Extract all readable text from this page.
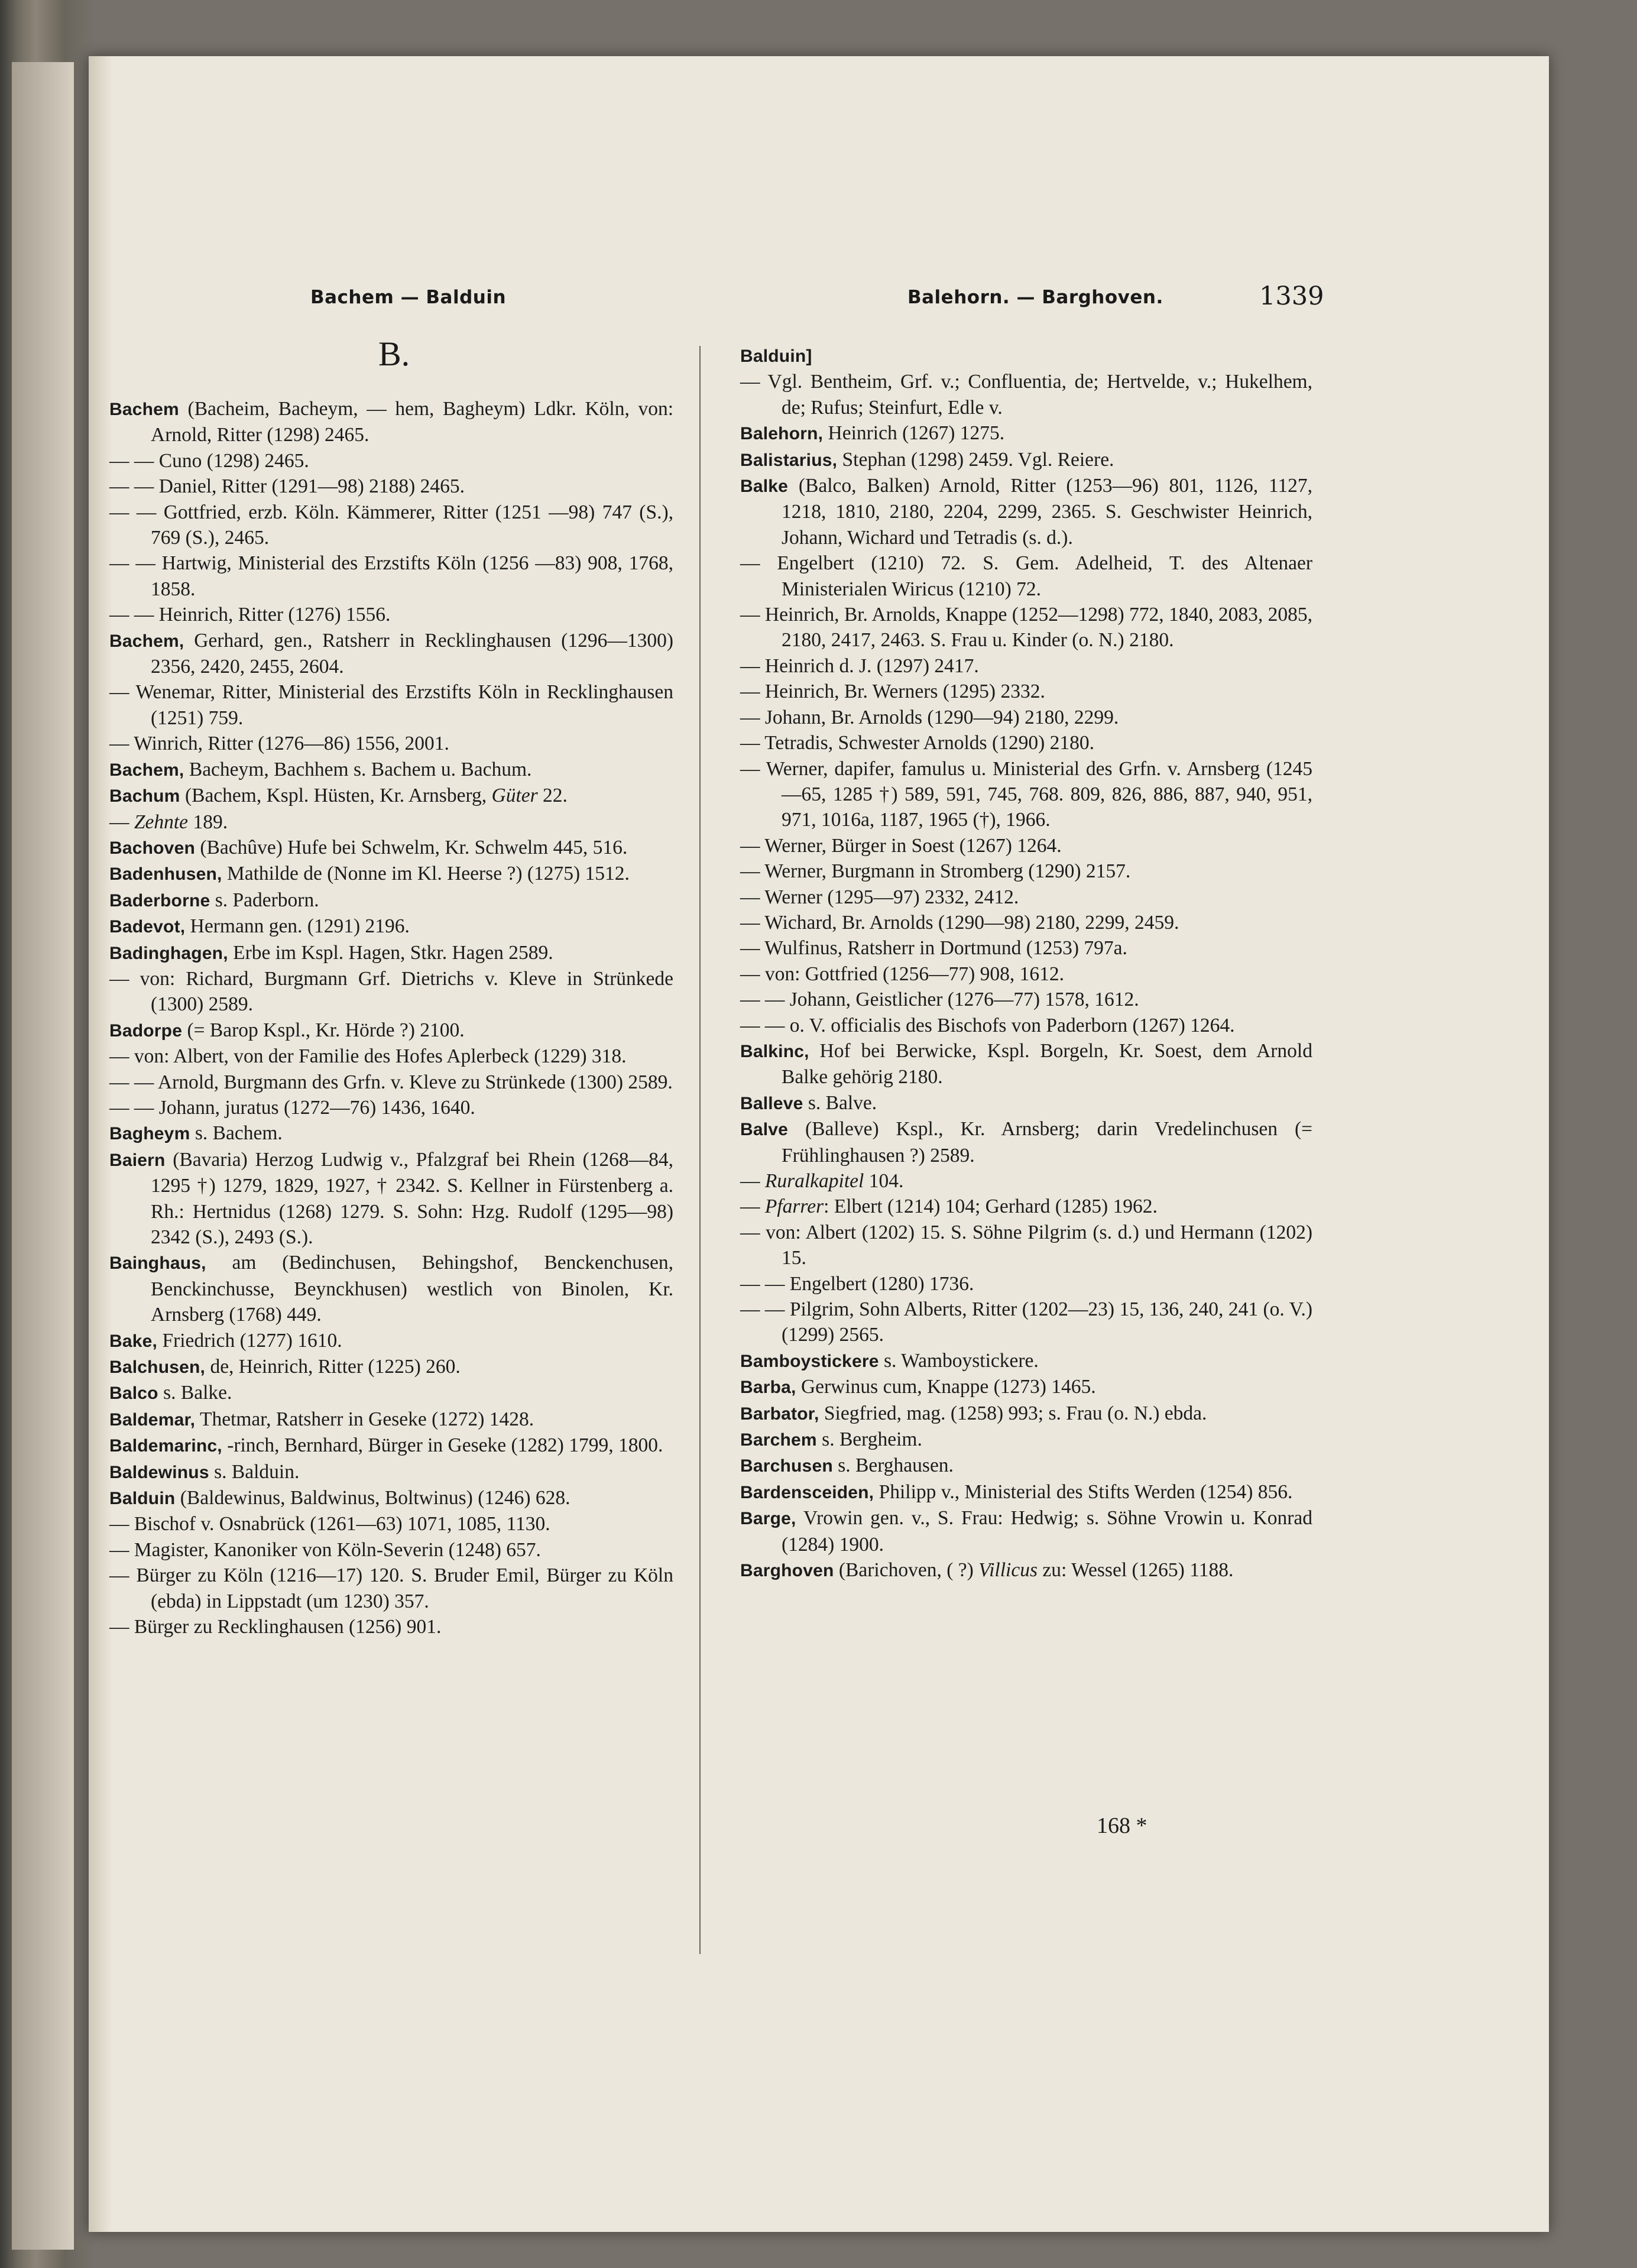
Bachem — Balduin	Balehorn. — Barghoven.	1339
B.
Bachem (Bacheim, Bacheym, — hem, Bagheym) Ldkr. Köln, von: Arnold, Ritter (1298) 2465.
— — Cuno (1298) 2465.
— — Daniel, Ritter (1291—98) 2188) 2465.
— — Gottfried, erzb. Köln. Kämmerer, Ritter (1251 —98) 747 (S.), 769 (S.), 2465.
— — Hartwig, Ministerial des Erzstifts Köln (1256 —83) 908, 1768, 1858.
— — Heinrich, Ritter (1276) 1556.
Bachem, Gerhard, gen., Ratsherr in Recklinghausen (1296—1300) 2356, 2420, 2455, 2604.
— Wenemar, Ritter, Ministerial des Erzstifts Köln in Recklinghausen (1251) 759.
— Winrich, Ritter (1276—86) 1556, 2001.
Bachem, Bacheym, Bachhem s. Bachem u. Bachum.
Bachum (Bachem, Kspl. Hüsten, Kr. Arnsberg, Güter 22.
— Zehnte 189.
Bachoven (Bachûve) Hufe bei Schwelm, Kr. Schwelm 445, 516.
Badenhusen, Mathilde de (Nonne im Kl. Heerse ?) (1275) 1512.
Baderborne s. Paderborn.
Badevot, Hermann gen. (1291) 2196.
Badinghagen, Erbe im Kspl. Hagen, Stkr. Hagen 2589.
— von: Richard, Burgmann Grf. Dietrichs v. Kleve in Strünkede (1300) 2589.
Badorpe (= Barop Kspl., Kr. Hörde ?) 2100.
— von: Albert, von der Familie des Hofes Aplerbeck (1229) 318.
— — Arnold, Burgmann des Grfn. v. Kleve zu Strünkede (1300) 2589.
— — Johann, juratus (1272—76) 1436, 1640.
Bagheym s. Bachem.
Baiern (Bavaria) Herzog Ludwig v., Pfalzgraf bei Rhein (1268—84, 1295 †) 1279, 1829, 1927, † 2342. S. Kellner in Fürstenberg a. Rh.: Hertnidus (1268) 1279. S. Sohn: Hzg. Rudolf (1295—98) 2342 (S.), 2493 (S.).
Bainghaus, am (Bedinchusen, Behingshof, Benckenchusen, Benckinchusse, Beynckhusen) westlich von Binolen, Kr. Arnsberg (1768) 449.
Bake, Friedrich (1277) 1610.
Balchusen, de, Heinrich, Ritter (1225) 260.
Balco s. Balke.
Baldemar, Thetmar, Ratsherr in Geseke (1272) 1428.
Baldemarinc, -rinch, Bernhard, Bürger in Geseke (1282) 1799, 1800.
Baldewinus s. Balduin.
Balduin (Baldewinus, Baldwinus, Boltwinus) (1246) 628.
— Bischof v. Osnabrück (1261—63) 1071, 1085, 1130.
— Magister, Kanoniker von Köln-Severin (1248) 657.
— Bürger zu Köln (1216—17) 120. S. Bruder Emil, Bürger zu Köln (ebda) in Lippstadt (um 1230) 357.
— Bürger zu Recklinghausen (1256) 901.
Balduin]
— Vgl. Bentheim, Grf. v.; Confluentia, de; Hertvelde, v.; Hukelhem, de; Rufus; Steinfurt, Edle v.
Balehorn, Heinrich (1267) 1275.
Balistarius, Stephan (1298) 2459. Vgl. Reiere.
Balke (Balco, Balken) Arnold, Ritter (1253—96) 801, 1126, 1127, 1218, 1810, 2180, 2204, 2299, 2365. S. Geschwister Heinrich, Johann, Wichard und Tetradis (s. d.).
— Engelbert (1210) 72. S. Gem. Adelheid, T. des Altenaer Ministerialen Wiricus (1210) 72.
— Heinrich, Br. Arnolds, Knappe (1252—1298) 772, 1840, 2083, 2085, 2180, 2417, 2463. S. Frau u. Kinder (o. N.) 2180.
— Heinrich d. J. (1297) 2417.
— Heinrich, Br. Werners (1295) 2332.
— Johann, Br. Arnolds (1290—94) 2180, 2299.
— Tetradis, Schwester Arnolds (1290) 2180.
— Werner, dapifer, famulus u. Ministerial des Grfn. v. Arnsberg (1245—65, 1285 †) 589, 591, 745, 768. 809, 826, 886, 887, 940, 951, 971, 1016a, 1187, 1965 (†), 1966.
— Werner, Bürger in Soest (1267) 1264.
— Werner, Burgmann in Stromberg (1290) 2157.
— Werner (1295—97) 2332, 2412.
— Wichard, Br. Arnolds (1290—98) 2180, 2299, 2459.
— Wulfinus, Ratsherr in Dortmund (1253) 797a.
— von: Gottfried (1256—77) 908, 1612.
— — Johann, Geistlicher (1276—77) 1578, 1612.
— — o. V. officialis des Bischofs von Paderborn (1267) 1264.
Balkinc, Hof bei Berwicke, Kspl. Borgeln, Kr. Soest, dem Arnold Balke gehörig 2180.
Balleve s. Balve.
Balve (Balleve) Kspl., Kr. Arnsberg; darin Vredelinchusen (= Frühlinghausen ?) 2589.
— Ruralkapitel 104.
— Pfarrer: Elbert (1214) 104; Gerhard (1285) 1962.
— von: Albert (1202) 15. S. Söhne Pilgrim (s. d.) und Hermann (1202) 15.
— — Engelbert (1280) 1736.
— — Pilgrim, Sohn Alberts, Ritter (1202—23) 15, 136, 240, 241 (o. V.) (1299) 2565.
Bamboystickere s. Wamboystickere.
Barba, Gerwinus cum, Knappe (1273) 1465.
Barbator, Siegfried, mag. (1258) 993; s. Frau (o. N.) ebda.
Barchem s. Bergheim.
Barchusen s. Berghausen.
Bardensceiden, Philipp v., Ministerial des Stifts Werden (1254) 856.
Barge, Vrowin gen. v., S. Frau: Hedwig; s. Söhne Vrowin u. Konrad (1284) 1900.
Barghoven (Barichoven, ( ?) Villicus zu: Wessel (1265) 1188.
168 *
